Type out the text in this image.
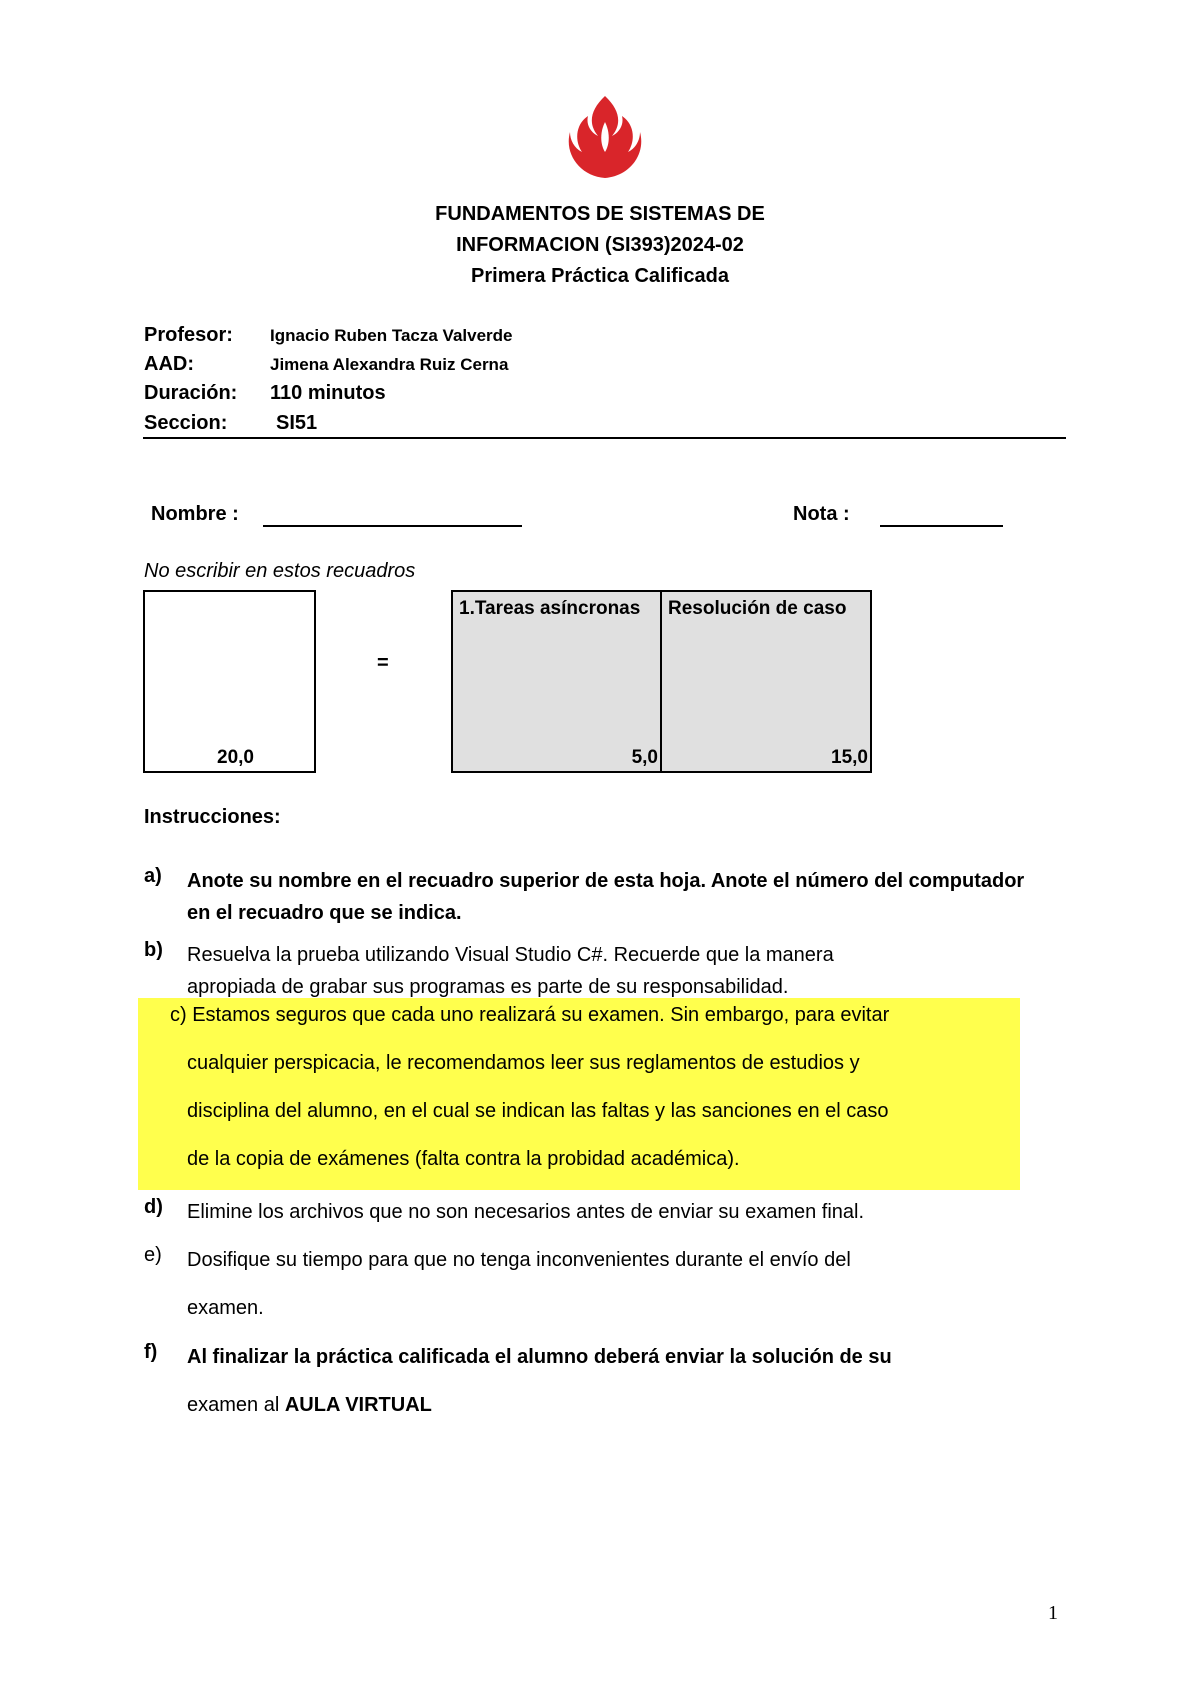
FUNDAMENTOS DE SISTEMAS DE
INFORMACION (SI393)2024-02
Primera Práctica Calificada
Profesor: Ignacio Ruben Tacza Valverde
AAD:	Jimena Alexandra Ruiz Cerna
Duración: 110 minutos
Seccion: SI51
Nombre :	Nota :
No escribir en estos recuadros
20,0
=
1.Tareas asíncronas
5,0
Resolución de caso
15,0
Instrucciones:
a) Anote su nombre en el recuadro superior de esta hoja. Anote el número del computador
en el recuadro que se indica.
b) Resuelva la prueba utilizando Visual Studio C#. Recuerde que la manera
apropiada de grabar sus programas es parte de su responsabilidad.
c) Estamos seguros que cada uno realizará su examen. Sin embargo, para evitar
cualquier perspicacia, le recomendamos leer sus reglamentos de estudios y
disciplina del alumno, en el cual se indican las faltas y las sanciones en el caso
de la copia de exámenes (falta contra la probidad académica).
d) Elimine los archivos que no son necesarios antes de enviar su examen final.
e) Dosifique su tiempo para que no tenga inconvenientes durante el envío del
examen.
f) Al finalizar la práctica calificada el alumno deberá enviar la solución de su
examen al AULA VIRTUAL
1
